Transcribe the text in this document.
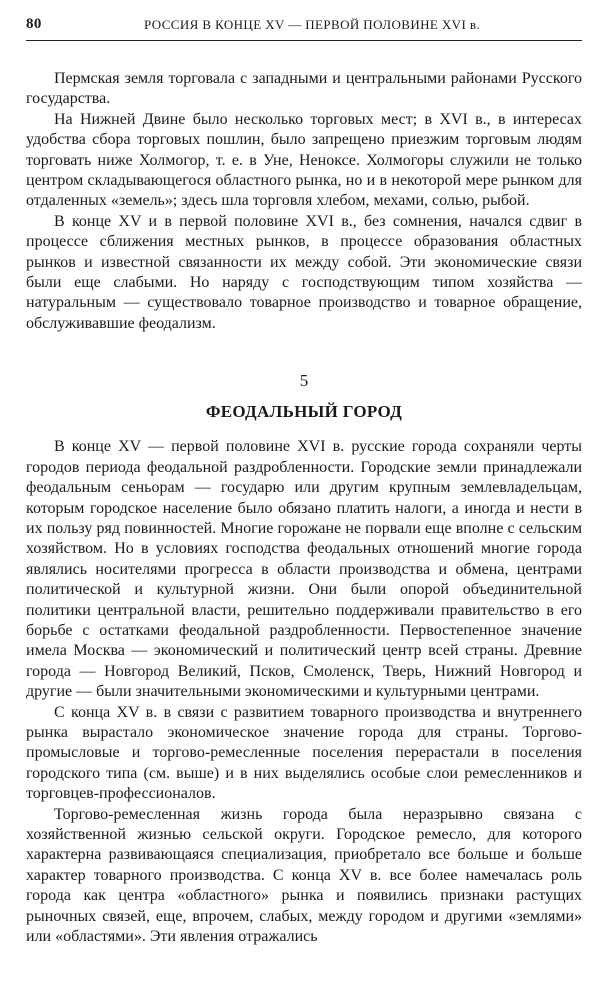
80	РОССИЯ В КОНЦЕ XV — ПЕРВОЙ ПОЛОВИНЕ XVI в.

Пермская земля торговала с западными и центральными районами Русского государства.

На Нижней Двине было несколько торговых мест; в XVI в., в интересах удобства сбора торговых пошлин, было запрещено приезжим торговым людям торговать ниже Холмогор, т. е. в Уне, Неноксе. Холмогоры служили не только центром складывающегося областного рынка, но и в некоторой мере рынком для отдаленных «земель»; здесь шла торговля хлебом, мехами, солью, рыбой.

В конце XV и в первой половине XVI в., без сомнения, начался сдвиг в процессе сближения местных рынков, в процессе образования областных рынков и известной связанности их между собой. Эти экономические связи были еще слабыми. Но наряду с господствующим типом хозяйства — натуральным — существовало товарное производство и товарное обращение, обслуживавшие феодализм.

5
ФЕОДАЛЬНЫЙ ГОРОД

В конце XV — первой половине XVI в. русские города сохраняли черты городов периода феодальной раздробленности. Городские земли принадлежали феодальным сеньорам — государю или другим крупным землевладельцам, которым городское население было обязано платить налоги, а иногда и нести в их пользу ряд повинностей. Многие горожане не порвали еще вполне с сельским хозяйством. Но в условиях господства феодальных отношений многие города являлись носителями прогресса в области производства и обмена, центрами политической и культурной жизни. Они были опорой объединительной политики центральной власти, решительно поддерживали правительство в его борьбе с остатками феодальной раздробленности. Первостепенное значение имела Москва — экономический и политический центр всей страны. Древние города — Новгород Великий, Псков, Смоленск, Тверь, Нижний Новгород и другие — были значительными экономическими и культурными центрами.

С конца XV в. в связи с развитием товарного производства и внутреннего рынка вырастало экономическое значение города для страны. Торгово-промысловые и торгово-ремесленные поселения перерастали в поселения городского типа (см. выше) и в них выделялись особые слои ремесленников и торговцев-профессионалов.

Торгово-ремесленная жизнь города была неразрывно связана с хозяйственной жизнью сельской округи. Городское ремесло, для которого характерна развивающаяся специализация, приобретало все больше и больше характер товарного производства. С конца XV в. все более намечалась роль города как центра «областного» рынка и появились признаки растущих рыночных связей, еще, впрочем, слабых, между городом и другими «землями» или «областями». Эти явления отражались
